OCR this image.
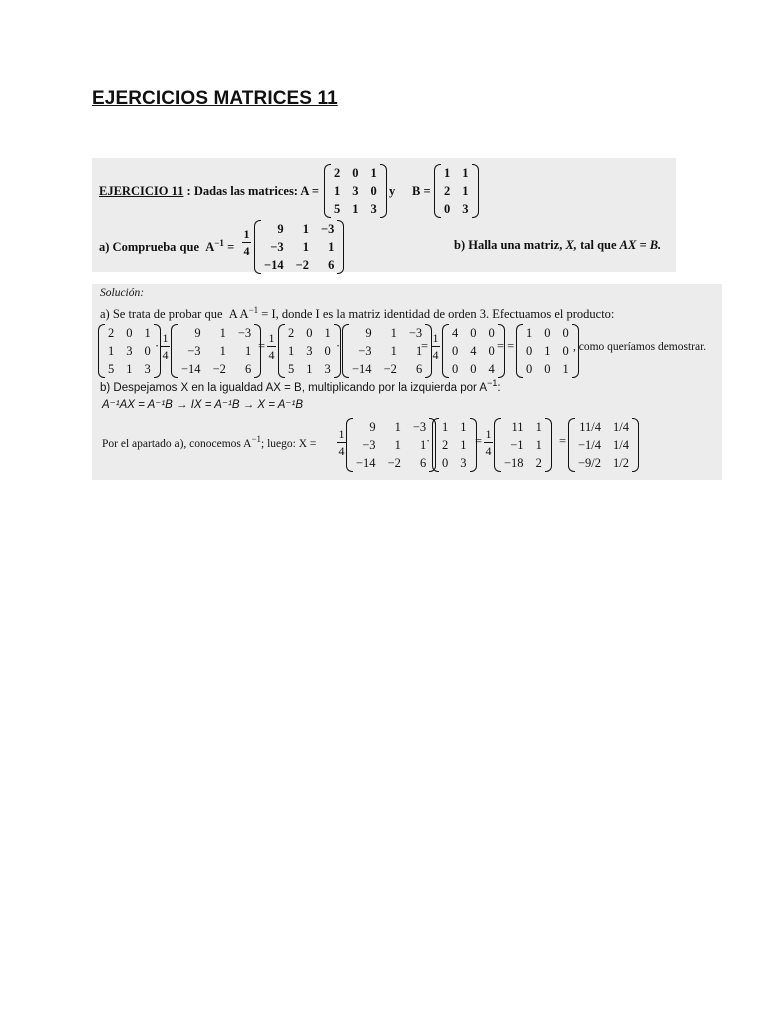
EJERCICIOS MATRICES 11
EJERCICIO 11 : Dadas las matrices: A =
2 0 1
1 3 0
5 1 3
y B =
1 1
2 1
0 3
a) Comprueba que $A^{-1}$ =
1
4
9	1 −3
−3	1	1
−14 −2	6
b) Halla una matriz, X, tal que AX = B.
Solución:
a) Se trata de probar que A $A^{-1} = I$, donde I es la matriz identidad de orden 3. Efectuamos el producto:
2 0 1
1 3 0
5 1 3
·
1
4
9	1 −3
−3	1	1
−14 −2	6
=
1
4
2 0 1
1 3 0
5 1 3
·
9	1 −3
−3	1	1
−14 −2	6
=
1
4
4 0 0
0 4 0
0 0 4
= =
1 0 0
0 1 0
0 0 1
, como queríamos demostrar.
b) Despejamos X en la igualdad AX = B, multiplicando por la izquierda por $A^{-1}$:
A⁻¹AX = A⁻¹B → IX = A⁻¹B → X = A⁻¹B
Por el apartado a), conocemos $A^{-1}$; luego: X =
1
4
9	1 −3
−3	1	1
−14 −2	6
·
1 1
2 1
0 3
= 1
4
11 1
−1 1
−18 2
=
11/4 1/4
−1/4 1/4
−9/2 1/2
